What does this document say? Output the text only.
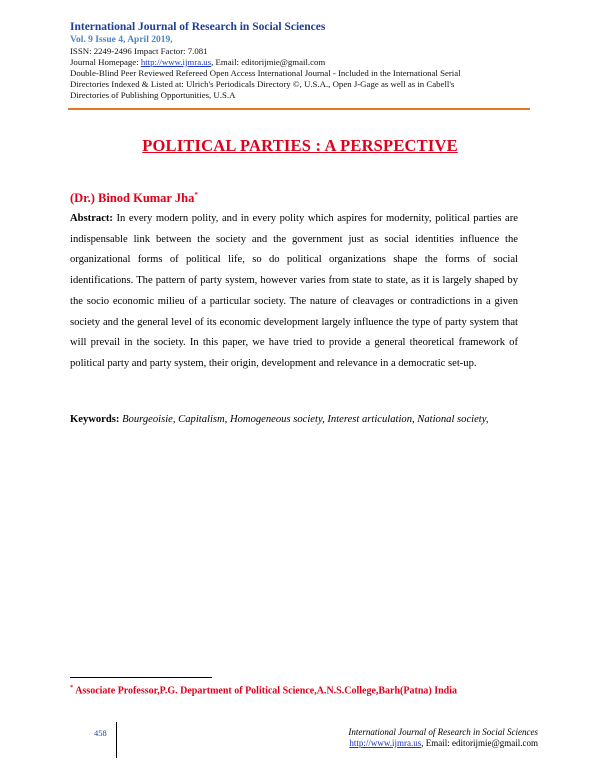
International Journal of Research in Social Sciences
Vol. 9 Issue 4, April 2019,
ISSN: 2249-2496 Impact Factor: 7.081
Journal Homepage: http://www.ijmra.us, Email: editorijmie@gmail.com
Double-Blind Peer Reviewed Refereed Open Access International Journal - Included in the International Serial
Directories Indexed & Listed at: Ulrich's Periodicals Directory ©, U.S.A., Open J-Gage as well as in Cabell's
Directories of Publishing Opportunities, U.S.A
POLITICAL PARTIES : A PERSPECTIVE
(Dr.) Binod Kumar Jha*
Abstract: In every modern polity, and in every polity which aspires for modernity, political parties are indispensable link between the society and the government just as social identities influence the organizational forms of political life, so do political organizations shape the forms of social identifications. The pattern of party system, however varies from state to state, as it is largely shaped by the socio economic milieu of a particular society. The nature of cleavages or contradictions in a given society and the general level of its economic development largely influence the type of party system that will prevail in the society. In this paper, we have tried to provide a general theoretical framework of political party and party system, their origin, development and relevance in a democratic set-up.
Keywords: Bourgeoisie, Capitalism, Homogeneous society, Interest articulation, National society,
* Associate Professor,P.G. Department of Political Science,A.N.S.College,Barh(Patna) India
458	International Journal of Research in Social Sciences
http://www.ijmra.us, Email: editorijmie@gmail.com
